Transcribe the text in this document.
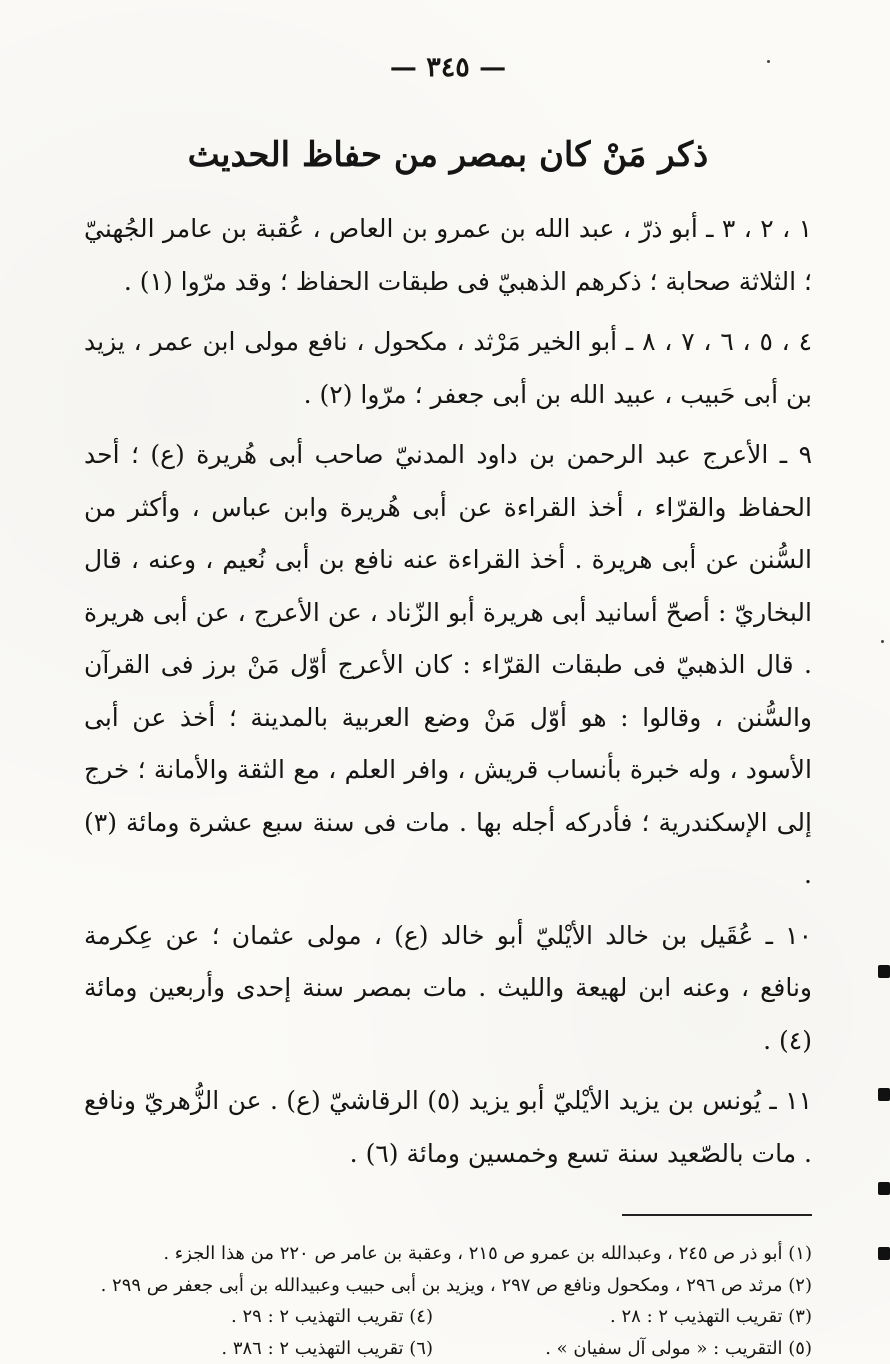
— ٣٤٥ —
ذكر مَنْ كان بمصر من حفاظ الحديث

١ ، ٢ ، ٣ ـ أبو ذرّ ، عبد الله بن عمرو بن العاص ، عُقبة بن عامر الجُهنيّ ؛ الثلاثة صحابة ؛ ذكرهم الذهبيّ فى طبقات الحفاظ ؛ وقد مرّوا (١) .

٤ ، ٥ ، ٦ ، ٧ ، ٨ ـ أبو الخير مَرْثد ، مكحول ، نافع مولى ابن عمر ، يزيد بن أبى حَبيب ، عبيد الله بن أبى جعفر ؛ مرّوا (٢) .

٩ ـ الأعرج عبد الرحمن بن داود المدنيّ صاحب أبى هُريرة (ع) ؛ أحد الحفاظ والقرّاء ، أخذ القراءة عن أبى هُريرة وابن عباس ، وأكثر من السُّنن عن أبى هريرة . أخذ القراءة عنه نافع بن أبى نُعيم ، وعنه ، قال البخاريّ : أصحّ أسانيد أبى هريرة أبو الزّناد ، عن الأعرج ، عن أبى هريرة . قال الذهبيّ فى طبقات القرّاء : كان الأعرج أوّل مَنْ برز فى القرآن والسُّنن ، وقالوا : هو أوّل مَنْ وضع العربية بالمدينة ؛ أخذ عن أبى الأسود ، وله خبرة بأنساب قريش ، وافر العلم ، مع الثقة والأمانة ؛ خرج إلى الإسكندرية ؛ فأدركه أجله بها . مات فى سنة سبع عشرة ومائة (٣) .

١٠ ـ عُقَيل بن خالد الأيْليّ أبو خالد (ع) ، مولى عثمان ؛ عن عِكرمة ونافع ، وعنه ابن لهيعة والليث . مات بمصر سنة إحدى وأربعين ومائة (٤) .

١١ ـ يُونس بن يزيد الأيْليّ أبو يزيد (٥) الرقاشيّ (ع) . عن الزُّهريّ ونافع . مات بالصّعيد سنة تسع وخمسين ومائة (٦) .

(١) أبو ذر ص ٢٤٥ ، وعبدالله بن عمرو ص ٢١٥ ، وعقبة بن عامر ص ٢٢٠ من هذا الجزء .

(٢) مرثد ص ٢٩٦ ، ومكحول ونافع ص ٢٩٧ ، ويزيد بن أبى حبيب وعبيدالله بن أبى جعفر ص ٢٩٩ .

(٣) تقريب التهذيب ٢ : ٢٨ .

(٤) تقريب التهذيب ٢ : ٢٩ .

(٥) التقريب : « مولى آل سفيان » .

(٦) تقريب التهذيب ٢ : ٣٨٦ .
